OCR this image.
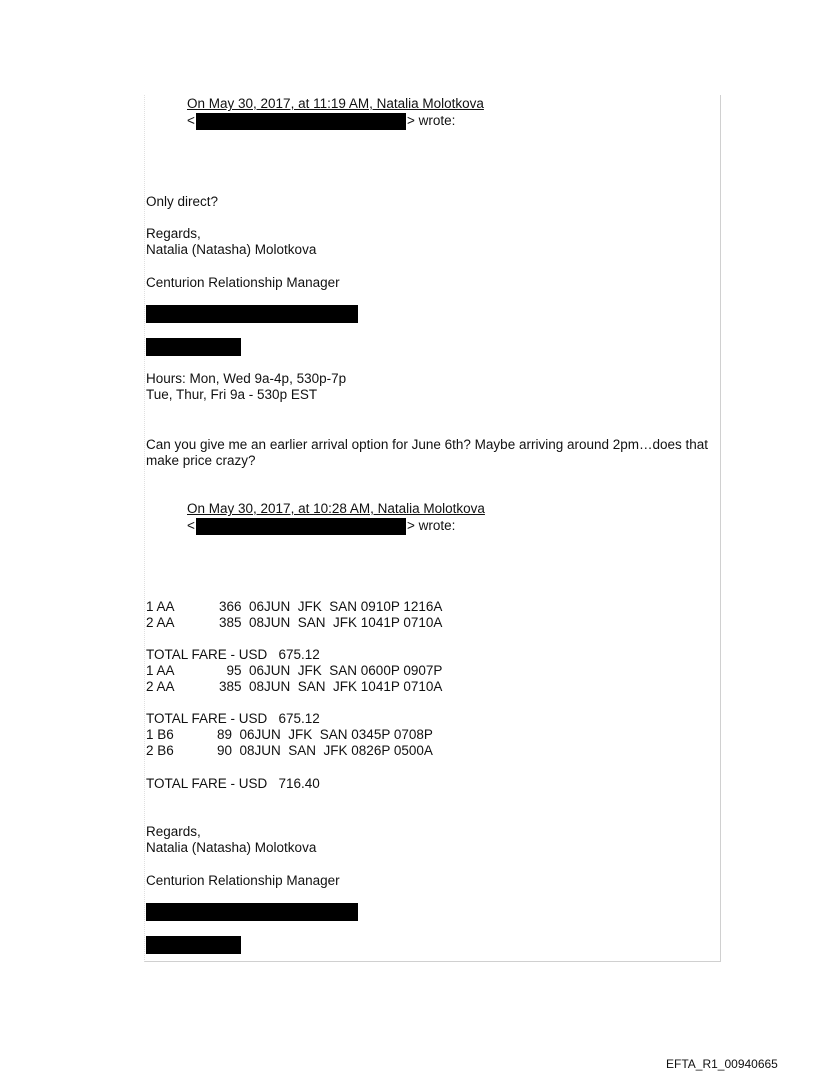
On May 30, 2017, at 11:19 AM, Natalia Molotkova
<	> wrote:
Only direct?
Regards,
Natalia (Natasha) Molotkova
Centurion Relationship Manager
Hours: Mon, Wed 9a-4p, 530p-7p
Tue, Thur, Fri 9a - 530p EST
Can you give me an earlier arrival option for June 6th? Maybe arriving around 2pm…does that make price crazy?
On May 30, 2017, at 10:28 AM, Natalia Molotkova
<	> wrote:
1 AA	366  06JUN  JFK  SAN 0910P 1216A
2 AA	385  08JUN  SAN  JFK 1041P 0710A
TOTAL FARE - USD   675.12
1 AA	95  06JUN  JFK  SAN 0600P 0907P
2 AA	385  08JUN  SAN  JFK 1041P 0710A
TOTAL FARE - USD   675.12
1 B6	89  06JUN  JFK  SAN 0345P 0708P
2 B6	90  08JUN  SAN  JFK 0826P 0500A
TOTAL FARE - USD   716.40
Regards,
Natalia (Natasha) Molotkova
Centurion Relationship Manager
EFTA_R1_00940665
